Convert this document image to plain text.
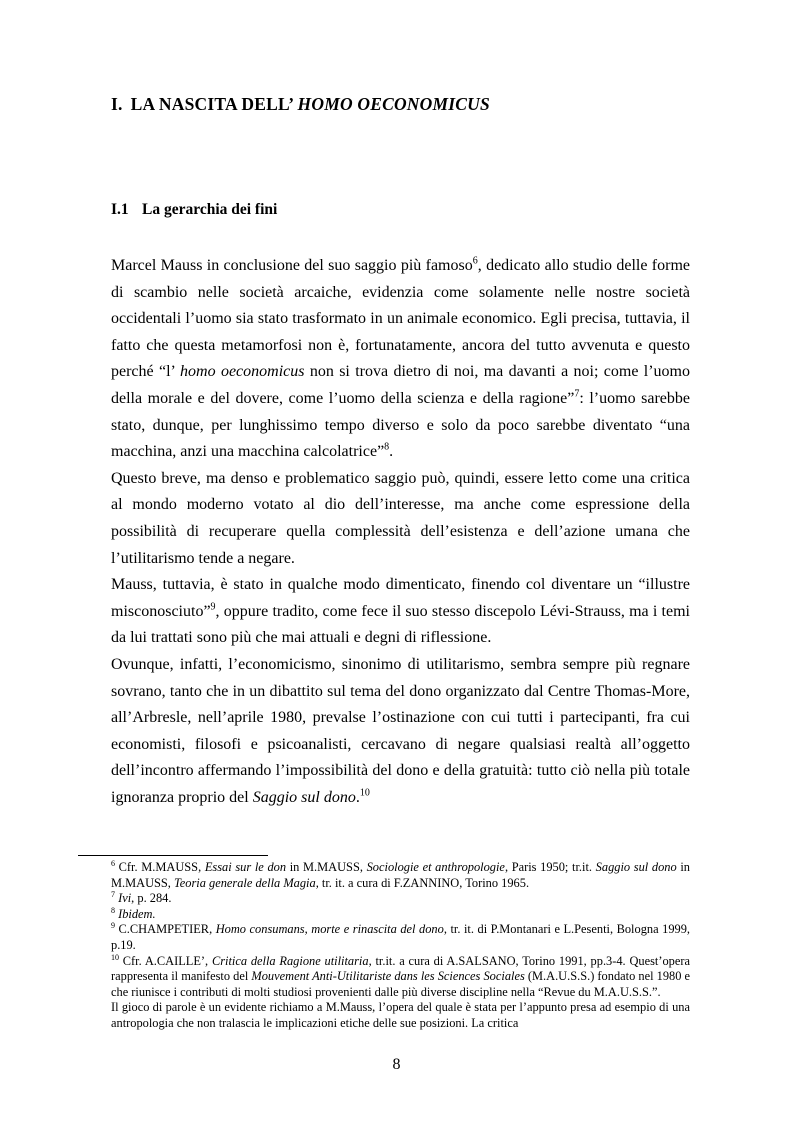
I. LA NASCITA DELL’ HOMO OECONOMICUS
I.1 La gerarchia dei fini

Marcel Mauss in conclusione del suo saggio più famoso$^6$, dedicato allo studio delle forme di scambio nelle società arcaiche, evidenzia come solamente nelle nostre società occidentali l’uomo sia stato trasformato in un animale economico. Egli precisa, tuttavia, il fatto che questa metamorfosi non è, fortunatamente, ancora del tutto avvenuta e questo perché “l’ homo oeconomicus non si trova dietro di noi, ma davanti a noi; come l’uomo della morale e del dovere, come l’uomo della scienza e della ragione”$^7$: l’uomo sarebbe stato, dunque, per lunghissimo tempo diverso e solo da poco sarebbe diventato “una macchina, anzi una macchina calcolatrice”$^8$.

Questo breve, ma denso e problematico saggio può, quindi, essere letto come una critica al mondo moderno votato al dio dell’interesse, ma anche come espressione della possibilità di recuperare quella complessità dell’esistenza e dell’azione umana che l’utilitarismo tende a negare.

Mauss, tuttavia, è stato in qualche modo dimenticato, finendo col diventare un “illustre misconosciuto”$^9$, oppure tradito, come fece il suo stesso discepolo Lévi-Strauss, ma i temi da lui trattati sono più che mai attuali e degni di riflessione.

Ovunque, infatti, l’economicismo, sinonimo di utilitarismo, sembra sempre più regnare sovrano, tanto che in un dibattito sul tema del dono organizzato dal Centre Thomas-More, all’Arbresle, nell’aprile 1980, prevalse l’ostinazione con cui tutti i partecipanti, fra cui economisti, filosofi e psicoanalisti, cercavano di negare qualsiasi realtà all’oggetto dell’incontro affermando l’impossibilità del dono e della gratuità: tutto ciò nella più totale ignoranza proprio del Saggio sul dono.$^{10}$

$^6$ Cfr. M.MAUSS, Essai sur le don in M.MAUSS, Sociologie et anthropologie, Paris 1950; tr.it. Saggio sul dono in M.MAUSS, Teoria generale della Magia, tr. it. a cura di F.ZANNINO, Torino 1965.

$^7$ Ivi, p. 284.

$^8$ Ibidem.

$^9$ C.CHAMPETIER, Homo consumans, morte e rinascita del dono, tr. it. di P.Montanari e L.Pesenti, Bologna 1999, p.19.

$^{10}$ Cfr. A.CAILLE’, Critica della Ragione utilitaria, tr.it. a cura di A.SALSANO, Torino 1991, pp.3-4. Quest’opera rappresenta il manifesto del Mouvement Anti-Utilitariste dans les Sciences Sociales (M.A.U.S.S.) fondato nel 1980 e che riunisce i contributi di molti studiosi provenienti dalle più diverse discipline nella “Revue du M.A.U.S.S.”.

Il gioco di parole è un evidente richiamo a M.Mauss, l’opera del quale è stata per l’appunto presa ad esempio di una antropologia che non tralascia le implicazioni etiche delle sue posizioni. La critica

8
